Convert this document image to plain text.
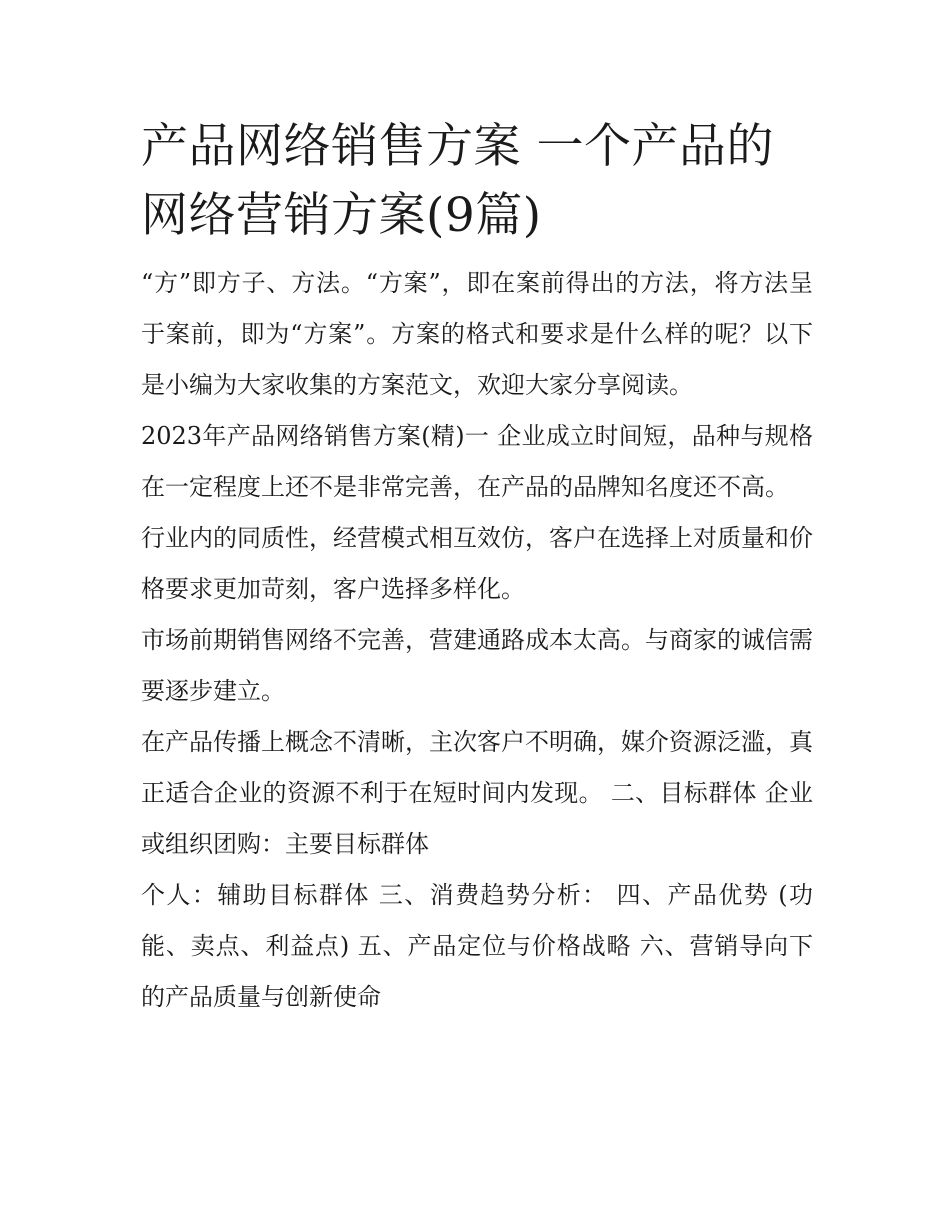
产品网络销售方案 一个产品的网络营销方案(9篇)

“方”即方子、方法。“方案”，即在案前得出的方法，将方法呈于案前，即为“方案”。方案的格式和要求是什么样的呢？以下是小编为大家收集的方案范文，欢迎大家分享阅读。

2023年产品网络销售方案(精)一 企业成立时间短，品种与规格在一定程度上还不是非常完善，在产品的品牌知名度还不高。

行业内的同质性，经营模式相互效仿，客户在选择上对质量和价格要求更加苛刻，客户选择多样化。

市场前期销售网络不完善，营建通路成本太高。与商家的诚信需要逐步建立。

在产品传播上概念不清晰，主次客户不明确，媒介资源泛滥，真正适合企业的资源不利于在短时间内发现。 二、目标群体 企业或组织团购：主要目标群体

个人：辅助目标群体 三、消费趋势分析： 四、产品优势 (功能、卖点、利益点) 五、产品定位与价格战略 六、营销导向下的产品质量与创新使命
